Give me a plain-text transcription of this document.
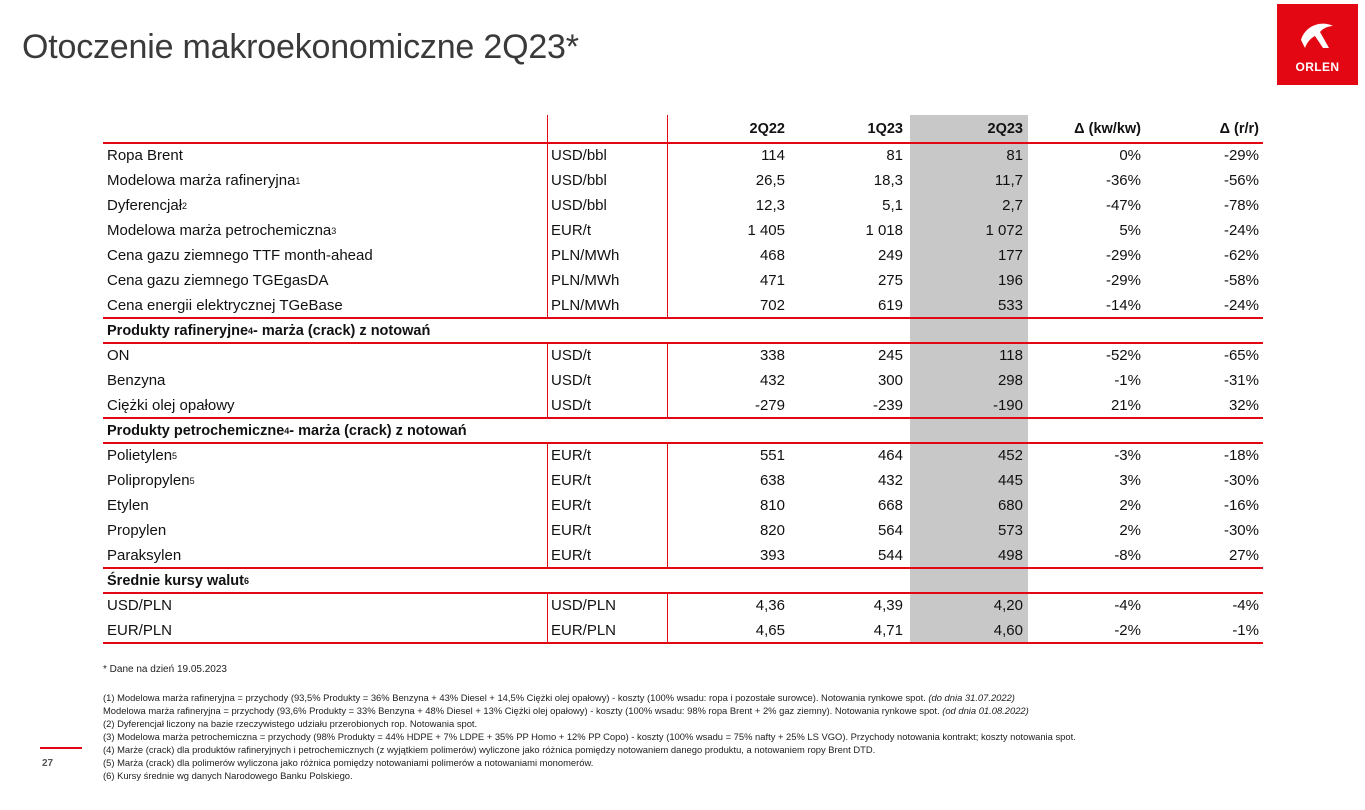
Otoczenie makroekonomiczne 2Q23*
ORLEN
2Q22	1Q23	2Q23	Δ (kw/kw)	Δ (r/r)
Ropa Brent	USD/bbl	114	81	81	0%	-29%
Modelowa marża rafineryjna 1	USD/bbl	26,5	18,3	11,7	-36%	-56%
Dyferencjał 2	USD/bbl	12,3	5,1	2,7	-47%	-78%
Modelowa marża petrochemiczna 3	EUR/t	1 405	1 018	1 072	5%	-24%
Cena gazu ziemnego TTF month-ahead	PLN/MWh	468	249	177	-29%	-62%
Cena gazu ziemnego TGEgasDA	PLN/MWh	471	275	196	-29%	-58%
Cena energii elektrycznej TGeBase	PLN/MWh	702	619	533	-14%	-24%
Produkty rafineryjne 4 - marża (crack) z notowań
ON	USD/t	338	245	118	-52%	-65%
Benzyna	USD/t	432	300	298	-1%	-31%
Ciężki olej opałowy	USD/t	-279	-239	-190	21%	32%
Produkty petrochemiczne 4 - marża (crack) z notowań
Polietylen 5	EUR/t	551	464	452	-3%	-18%
Polipropylen 5	EUR/t	638	432	445	3%	-30%
Etylen	EUR/t	810	668	680	2%	-16%
Propylen	EUR/t	820	564	573	2%	-30%
Paraksylen	EUR/t	393	544	498	-8%	27%
Średnie kursy walut 6
USD/PLN	USD/PLN	4,36	4,39	4,20	-4%	-4%
EUR/PLN	EUR/PLN	4,65	4,71	4,60	-2%	-1%
* Dane na dzień 19.05.2023
(1) Modelowa marża rafineryjna = przychody (93,5% Produkty = 36% Benzyna + 43% Diesel + 14,5% Ciężki olej opałowy) - koszty (100% wsadu: ropa i pozostałe surowce). Notowania rynkowe spot. (do dnia 31.07.2022)
Modelowa marża rafineryjna = przychody (93,6% Produkty = 33% Benzyna + 48% Diesel + 13% Ciężki olej opałowy) - koszty (100% wsadu: 98% ropa Brent + 2% gaz ziemny). Notowania rynkowe spot. (od dnia 01.08.2022)
(2) Dyferencjał liczony na bazie rzeczywistego udziału przerobionych rop. Notowania spot.
(3) Modelowa marża petrochemiczna = przychody (98% Produkty = 44% HDPE + 7% LDPE + 35% PP Homo + 12% PP Copo) - koszty (100% wsadu = 75% nafty + 25% LS VGO). Przychody notowania kontrakt; koszty notowania spot.
(4) Marże (crack) dla produktów rafineryjnych i petrochemicznych (z wyjątkiem polimerów) wyliczone jako różnica pomiędzy notowaniem danego produktu, a notowaniem ropy Brent DTD.
(5) Marża (crack) dla polimerów wyliczona jako różnica pomiędzy notowaniami polimerów a notowaniami monomerów.
(6) Kursy średnie wg danych Narodowego Banku Polskiego.
27
